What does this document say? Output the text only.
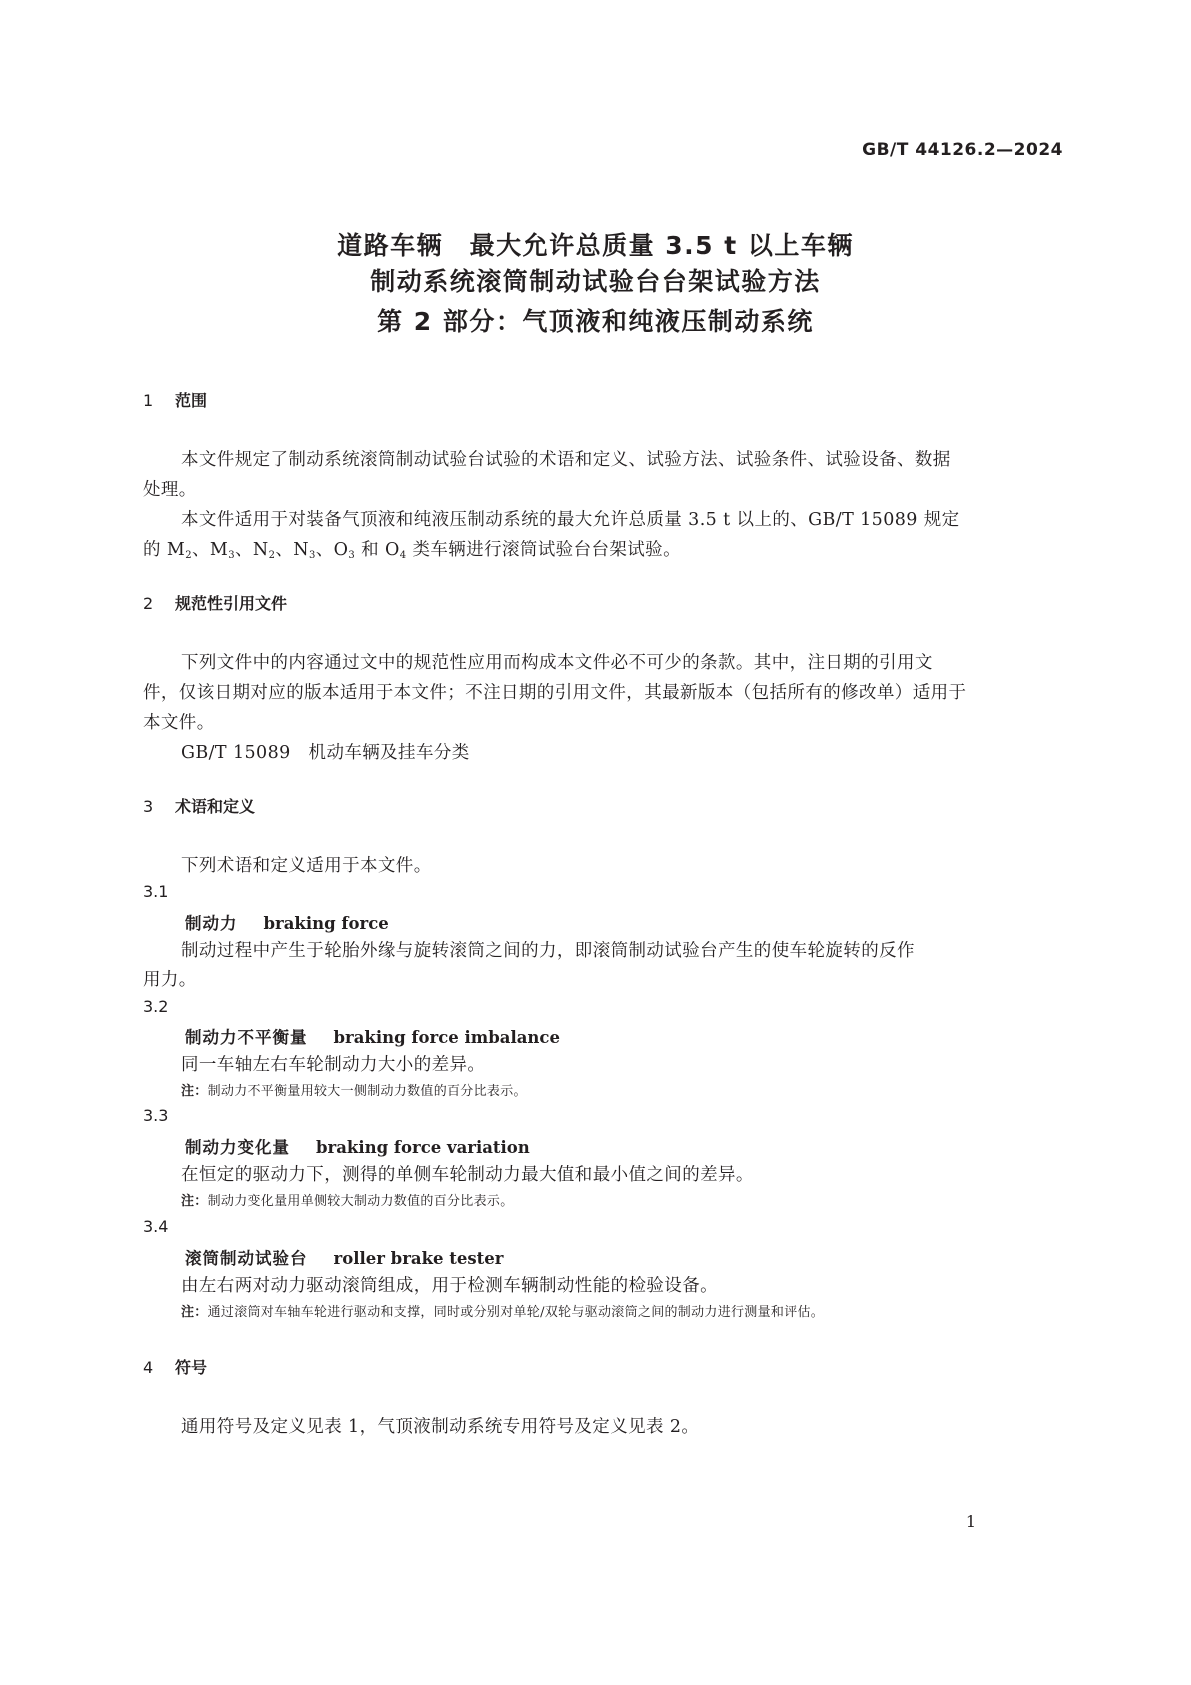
GB/T 44126.2—2024
道路车辆　最大允许总质量 3.5 t 以上车辆
制动系统滚筒制动试验台台架试验方法
第 2 部分：气顶液和纯液压制动系统
1 范围
本文件规定了制动系统滚筒制动试验台试验的术语和定义、试验方法、试验条件、试验设备、数据
处理。
本文件适用于对装备气顶液和纯液压制动系统的最大允许总质量 3.5 t 以上的、GB/T 15089 规定
的 $M_2$、$M_3$、$N_2$、$N_3$、$O_3$ 和 $O_4$ 类车辆进行滚筒试验台台架试验。
2 规范性引用文件
下列文件中的内容通过文中的规范性应用而构成本文件必不可少的条款。其中，注日期的引用文
件，仅该日期对应的版本适用于本文件；不注日期的引用文件，其最新版本（包括所有的修改单）适用于
本文件。
GB/T 15089　机动车辆及挂车分类
3 术语和定义
下列术语和定义适用于本文件。
3.1
制动力 braking force
制动过程中产生于轮胎外缘与旋转滚筒之间的力，即滚筒制动试验台产生的使车轮旋转的反作
用力。
3.2
制动力不平衡量 braking force imbalance
同一车轴左右车轮制动力大小的差异。
注：制动力不平衡量用较大一侧制动力数值的百分比表示。
3.3
制动力变化量 braking force variation
在恒定的驱动力下，测得的单侧车轮制动力最大值和最小值之间的差异。
注：制动力变化量用单侧较大制动力数值的百分比表示。
3.4
滚筒制动试验台 roller brake tester
由左右两对动力驱动滚筒组成，用于检测车辆制动性能的检验设备。
注：通过滚筒对车轴车轮进行驱动和支撑，同时或分别对单轮/双轮与驱动滚筒之间的制动力进行测量和评估。
4 符号
通用符号及定义见表 1，气顶液制动系统专用符号及定义见表 2。
1
